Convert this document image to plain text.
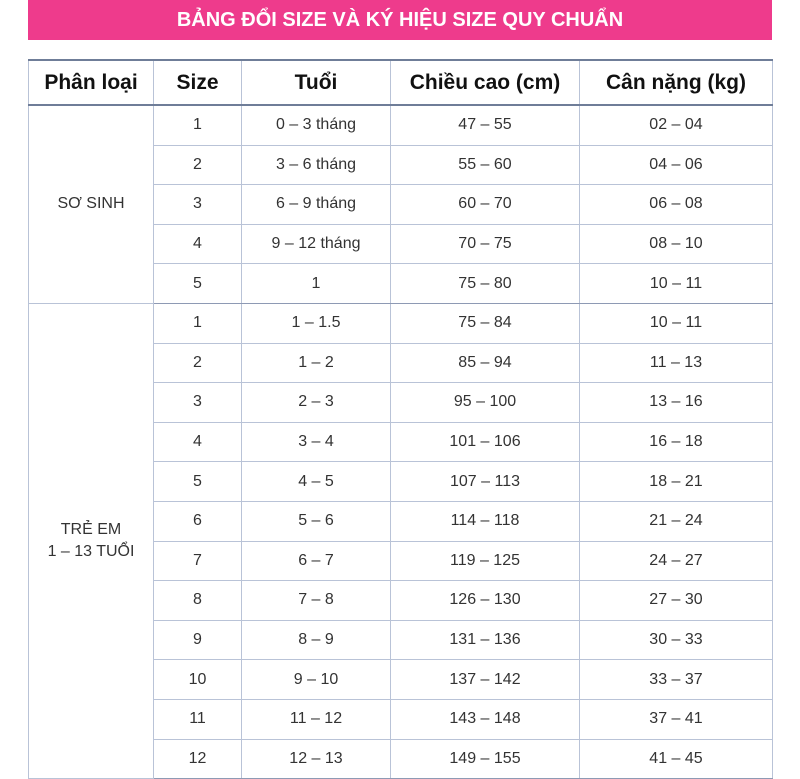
BẢNG ĐỔI SIZE VÀ KÝ HIỆU SIZE QUY CHUẨN
Phân loại	Size	Tuổi	Chiều cao (cm)	Cân nặng (kg)

SƠ SINH	1	0 – 3 tháng	47 – 55	02 – 04
	2	3 – 6 tháng	55 – 60	04 – 06
	3	6 – 9 tháng	60 – 70	06 – 08
	4	9 – 12 tháng	70 – 75	08 – 10
	5	1	75 – 80	10 – 11

TRẺ EM
1 – 13 TUỔI	1	1 – 1.5	75 – 84	10 – 11
	2	1 – 2	85 – 94	11 – 13
	3	2 – 3	95 – 100	13 – 16
	4	3 – 4	101 – 106	16 – 18
	5	4 – 5	107 – 113	18 – 21
	6	5 – 6	114 – 118	21 – 24
	7	6 – 7	119 – 125	24 – 27
	8	7 – 8	126 – 130	27 – 30
	9	8 – 9	131 – 136	30 – 33
	10	9 – 10	137 – 142	33 – 37
	11	11 – 12	143 – 148	37 – 41
	12	12 – 13	149 – 155	41 – 45
